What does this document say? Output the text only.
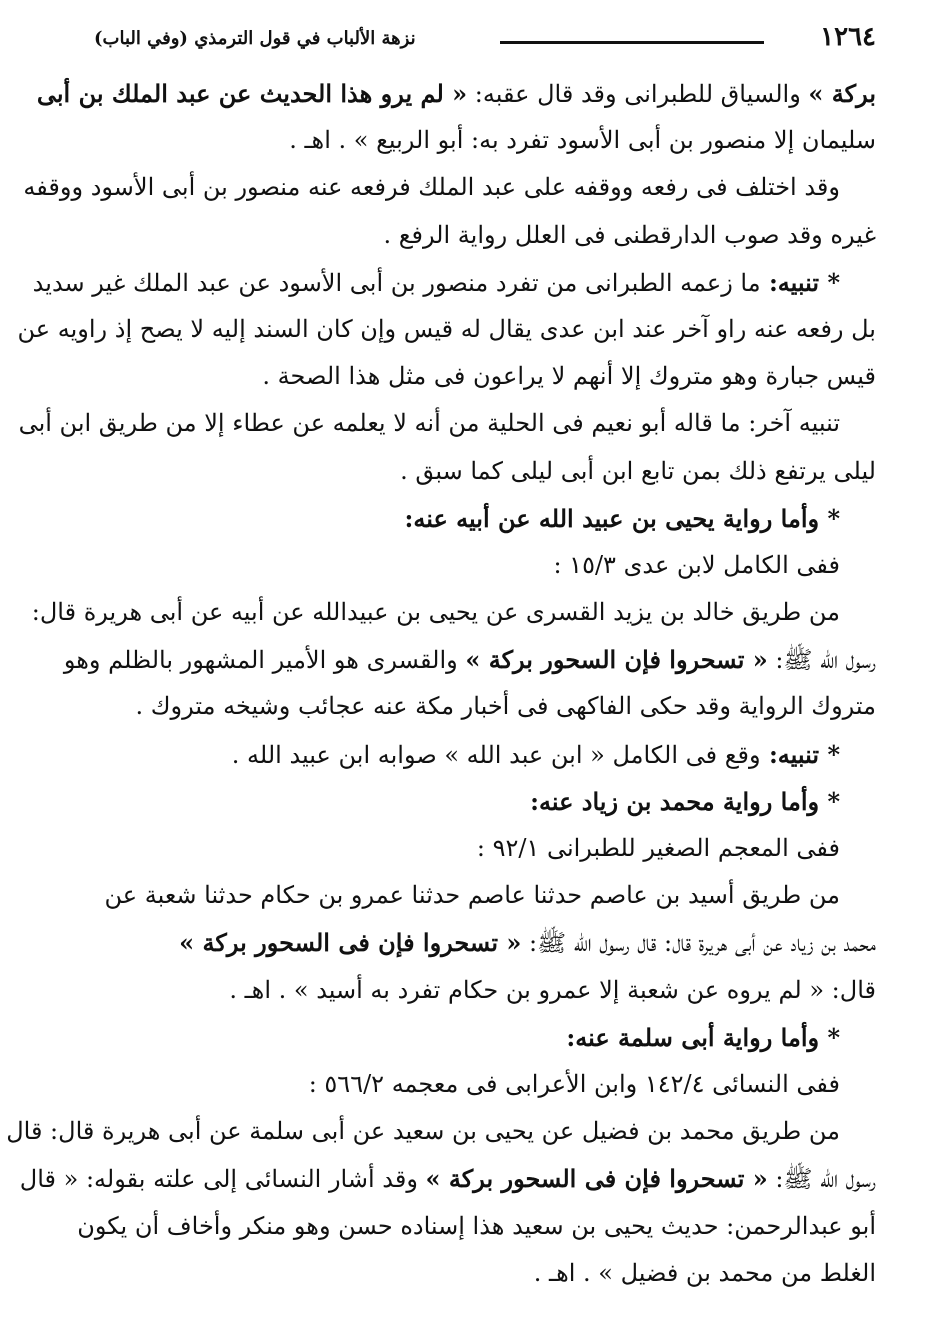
١٢٦٤
نزهة الألباب في قول الترمذي (وفي الباب)
بركة » والسياق للطبرانى وقد قال عقبه: « لم يرو هذا الحديث عن عبد الملك بن أبى
سليمان إلا منصور بن أبى الأسود تفرد به: أبو الربيع » . اهـ .
وقد اختلف فى رفعه ووقفه على عبد الملك فرفعه عنه منصور بن أبى الأسود ووقفه
غيره وقد صوب الدارقطنى فى العلل رواية الرفع .
* تنبيه: ما زعمه الطبرانى من تفرد منصور بن أبى الأسود عن عبد الملك غير سديد
بل رفعه عنه راو آخر عند ابن عدى يقال له قيس وإن كان السند إليه لا يصح إذ راويه عن
قيس جبارة وهو متروك إلا أنهم لا يراعون فى مثل هذا الصحة .
تنبيه آخر: ما قاله أبو نعيم فى الحلية من أنه لا يعلمه عن عطاء إلا من طريق ابن أبى
ليلى يرتفع ذلك بمن تابع ابن أبى ليلى كما سبق .
* وأما رواية يحيى بن عبيد الله عن أبيه عنه:
ففى الكامل لابن عدى ١٥/٣ :
من طريق خالد بن يزيد القسرى عن يحيى بن عبيدالله عن أبيه عن أبى هريرة قال:
رسول الله ﷺ: « تسحروا فإن السحور بركة » والقسرى هو الأمير المشهور بالظلم وهو
متروك الرواية وقد حكى الفاكهى فى أخبار مكة عنه عجائب وشيخه متروك .
* تنبيه: وقع فى الكامل « ابن عبد الله » صوابه ابن عبيد الله .
* وأما رواية محمد بن زياد عنه:
ففى المعجم الصغير للطبرانى ٩٢/١ :
من طريق أسيد بن عاصم حدثنا عاصم حدثنا عمرو بن حكام حدثنا شعبة عن
محمد بن زياد عن أبى هريرة قال: قال رسول الله ﷺ: « تسحروا فإن فى السحور بركة »
قال: « لم يروه عن شعبة إلا عمرو بن حكام تفرد به أسيد » . اهـ .
* وأما رواية أبى سلمة عنه:
ففى النسائى ١٤٢/٤ وابن الأعرابى فى معجمه ٥٦٦/٢ :
من طريق محمد بن فضيل عن يحيى بن سعيد عن أبى سلمة عن أبى هريرة قال: قال
رسول الله ﷺ: « تسحروا فإن فى السحور بركة » وقد أشار النسائى إلى علته بقوله: « قال
أبو عبدالرحمن: حديث يحيى بن سعيد هذا إسناده حسن وهو منكر وأخاف أن يكون
الغلط من محمد بن فضيل » . اهـ .
